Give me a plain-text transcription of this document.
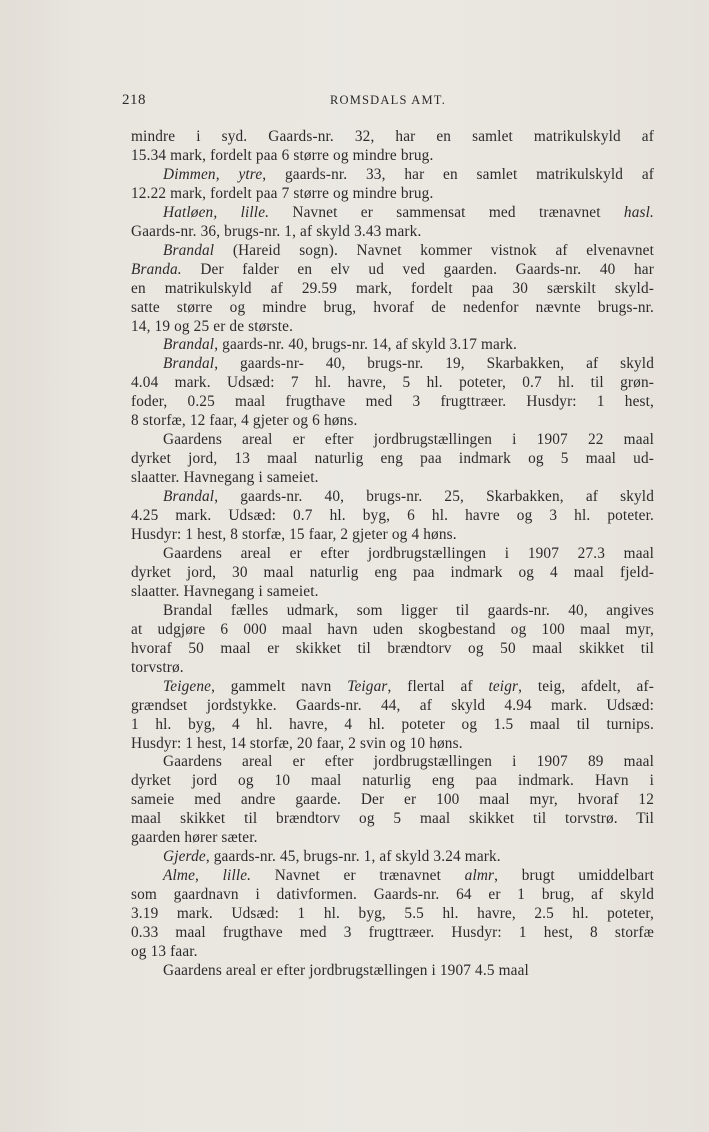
218	ROMSDALS AMT.
mindre i syd. Gaards-nr. 32, har en samlet matrikulskyld af
15.34 mark, fordelt paa 6 større og mindre brug.
Dimmen, ytre, gaards-nr. 33, har en samlet matrikulskyld af
12.22 mark, fordelt paa 7 større og mindre brug.
Hatløen, lille. Navnet er sammensat med trænavnet hasl.
Gaards-nr. 36, brugs-nr. 1, af skyld 3.43 mark.
Brandal (Hareid sogn). Navnet kommer vistnok af elvenavnet
Branda. Der falder en elv ud ved gaarden. Gaards-nr. 40 har
en matrikulskyld af 29.59 mark, fordelt paa 30 særskilt skyld-
satte større og mindre brug, hvoraf de nedenfor nævnte brugs-nr.
14, 19 og 25 er de største.
Brandal, gaards-nr. 40, brugs-nr. 14, af skyld 3.17 mark.
Brandal, gaards-nr- 40, brugs-nr. 19, Skarbakken, af skyld
4.04 mark. Udsæd: 7 hl. havre, 5 hl. poteter, 0.7 hl. til grøn-
foder, 0.25 maal frugthave med 3 frugttræer. Husdyr: 1 hest,
8 storfæ, 12 faar, 4 gjeter og 6 høns.
Gaardens areal er efter jordbrugstællingen i 1907 22 maal
dyrket jord, 13 maal naturlig eng paa indmark og 5 maal ud-
slaatter. Havnegang i sameiet.
Brandal, gaards-nr. 40, brugs-nr. 25, Skarbakken, af skyld
4.25 mark. Udsæd: 0.7 hl. byg, 6 hl. havre og 3 hl. poteter.
Husdyr: 1 hest, 8 storfæ, 15 faar, 2 gjeter og 4 høns.
Gaardens areal er efter jordbrugstællingen i 1907 27.3 maal
dyrket jord, 30 maal naturlig eng paa indmark og 4 maal fjeld-
slaatter. Havnegang i sameiet.
Brandal fælles udmark, som ligger til gaards-nr. 40, angives
at udgjøre 6 000 maal havn uden skogbestand og 100 maal myr,
hvoraf 50 maal er skikket til brændtorv og 50 maal skikket til
torvstrø.
Teigene, gammelt navn Teigar, flertal af teigr, teig, afdelt, af-
grændset jordstykke. Gaards-nr. 44, af skyld 4.94 mark. Udsæd:
1 hl. byg, 4 hl. havre, 4 hl. poteter og 1.5 maal til turnips.
Husdyr: 1 hest, 14 storfæ, 20 faar, 2 svin og 10 høns.
Gaardens areal er efter jordbrugstællingen i 1907 89 maal
dyrket jord og 10 maal naturlig eng paa indmark. Havn i
sameie med andre gaarde. Der er 100 maal myr, hvoraf 12
maal skikket til brændtorv og 5 maal skikket til torvstrø. Til
gaarden hører sæter.
Gjerde, gaards-nr. 45, brugs-nr. 1, af skyld 3.24 mark.
Alme, lille. Navnet er trænavnet almr, brugt umiddelbart
som gaardnavn i dativformen. Gaards-nr. 64 er 1 brug, af skyld
3.19 mark. Udsæd: 1 hl. byg, 5.5 hl. havre, 2.5 hl. poteter,
0.33 maal frugthave med 3 frugttræer. Husdyr: 1 hest, 8 storfæ
og 13 faar.
Gaardens areal er efter jordbrugstællingen i 1907 4.5 maal
